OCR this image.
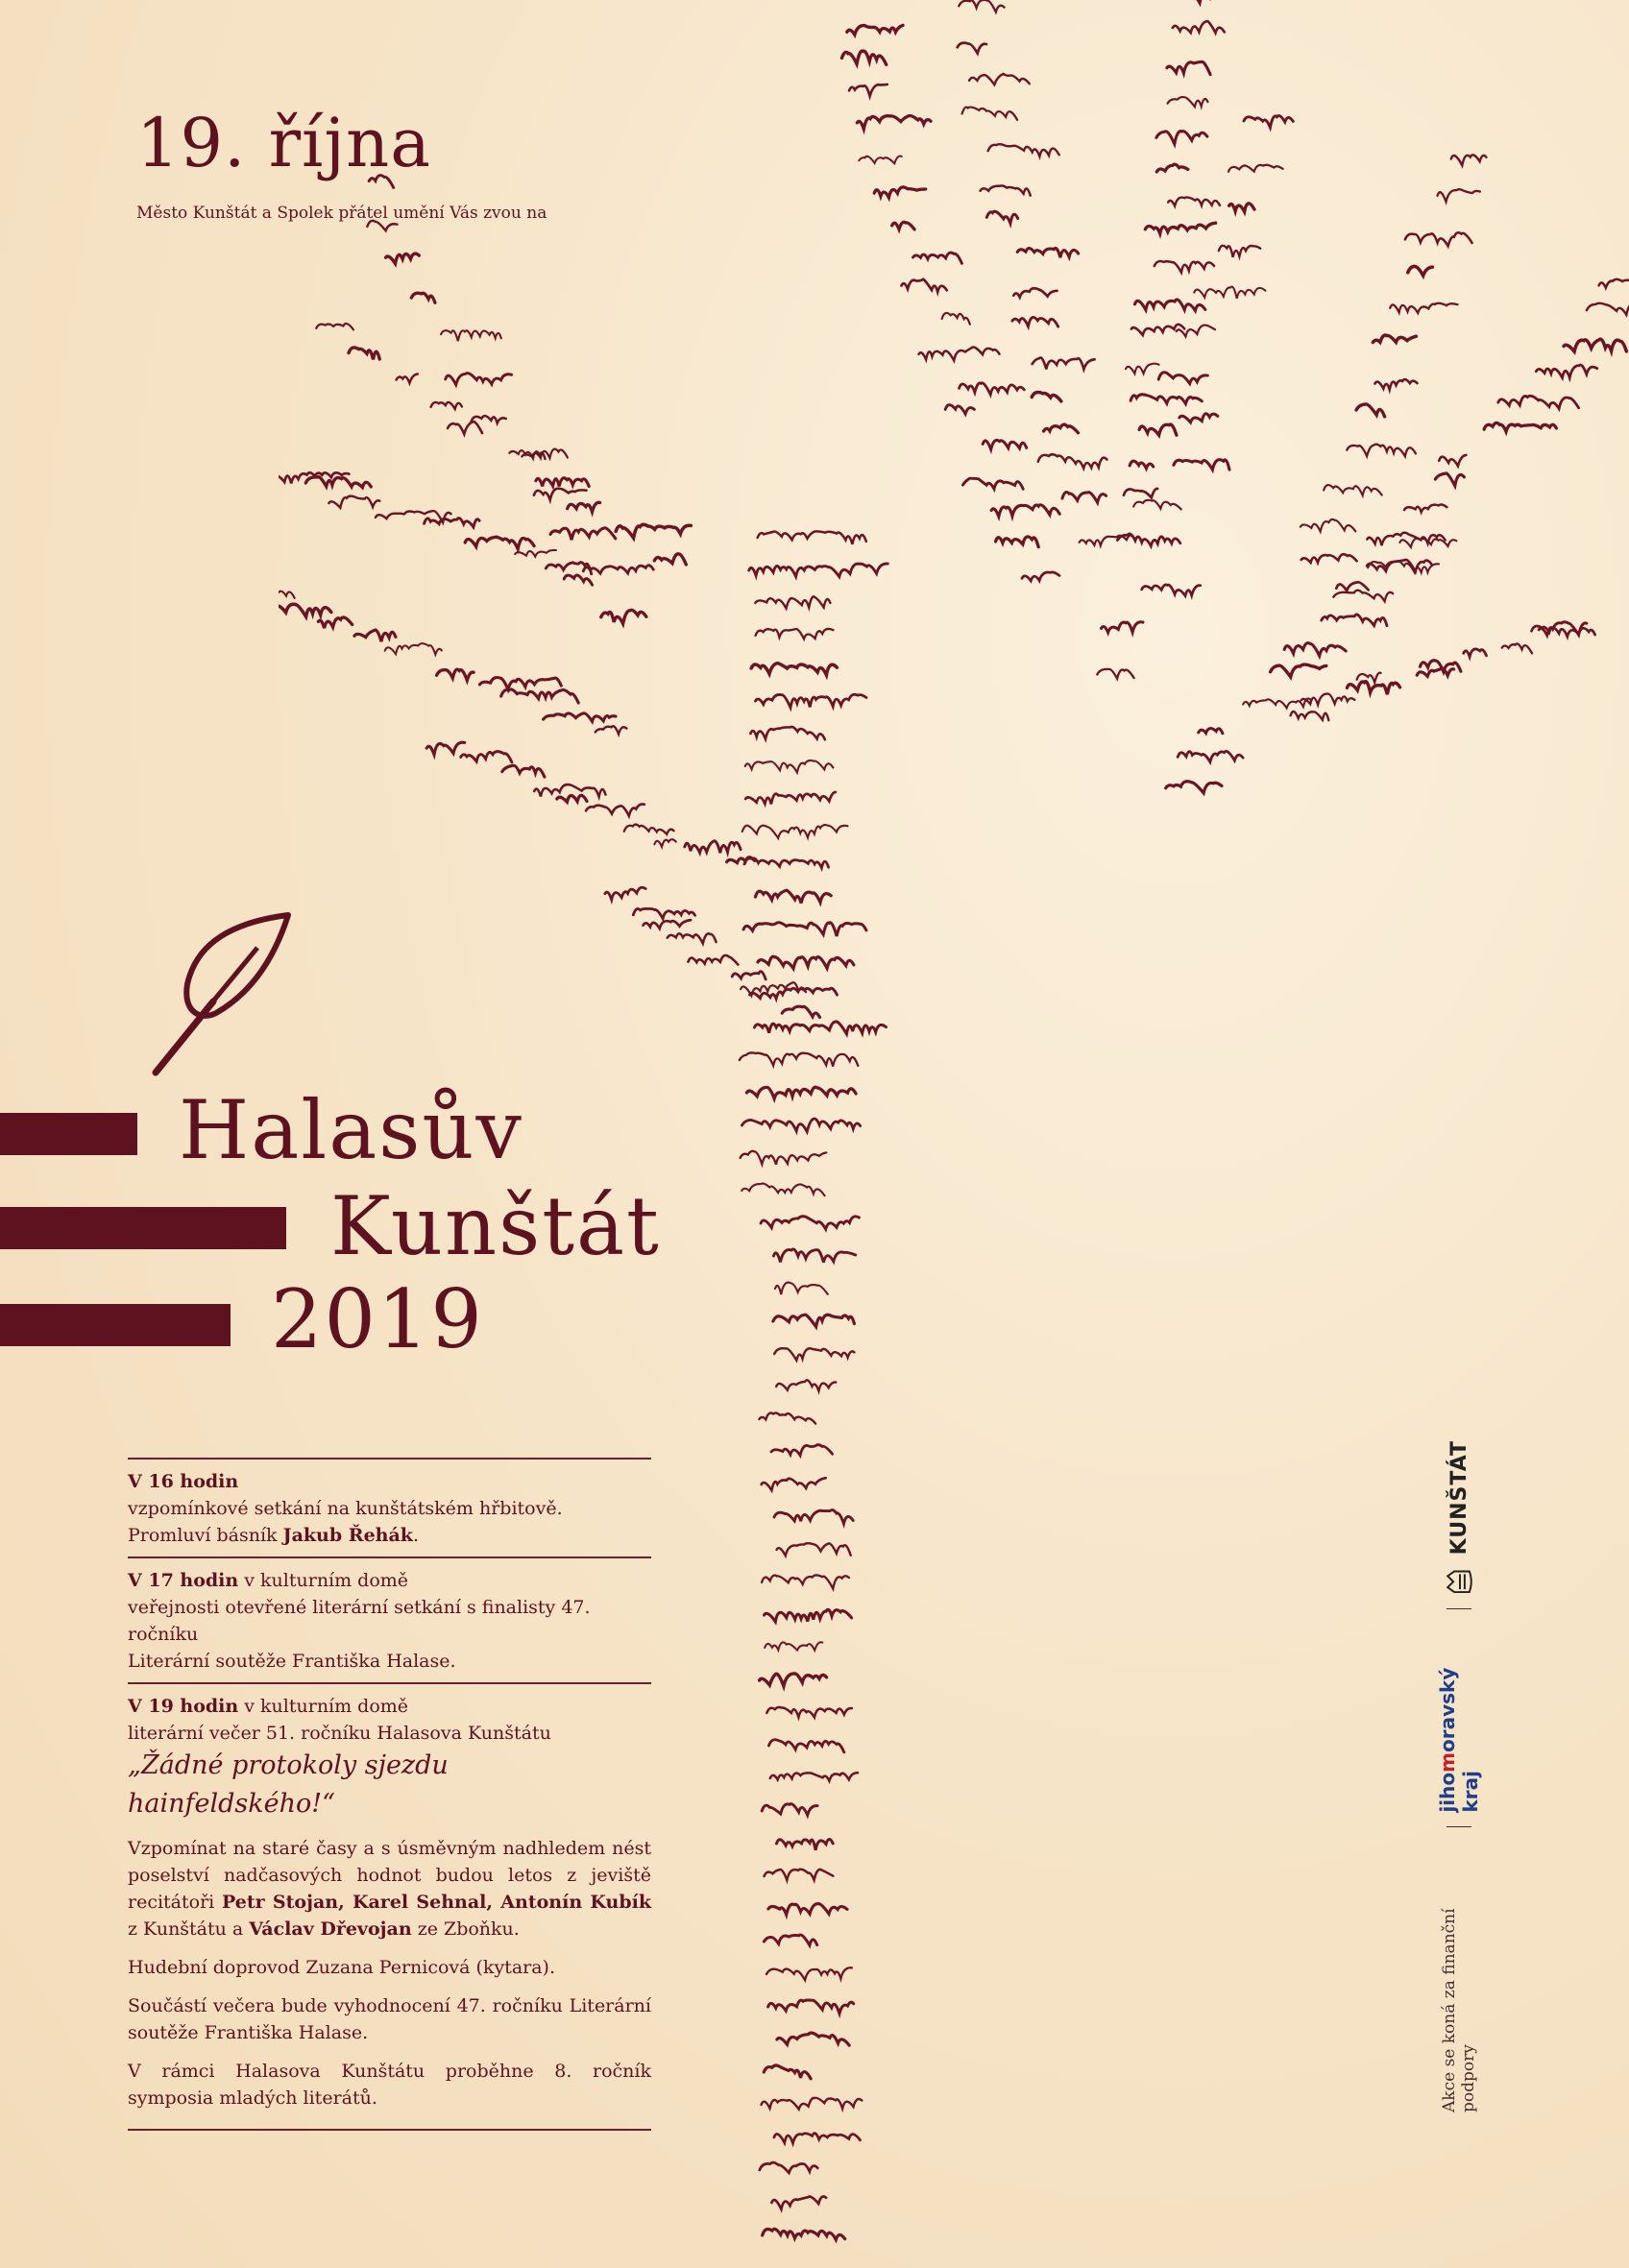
19. října
Město Kunštát a Spolek přátel umění Vás zvou na
Halasův
Kunštát
2019

V 16 hodin

vzpomínkové setkání na kunštátském hřbitově.

Promluví básník Jakub Řehák.

V 17 hodin v kulturním domě

veřejnosti otevřené literární setkání s finalisty 47. ročníku

Literární soutěže Františka Halase.

V 19 hodin v kulturním domě

literární večer 51. ročníku Halasova Kunštátu

„Žádné protokoly sjezdu hainfeldského!“

Vzpomínat na staré časy a s úsměvným nadhledem nést poselství nadčasových hodnot budou letos z jeviště recitátoři Petr Stojan, Karel Sehnal, Antonín Kubík z Kunštátu a Václav Dřevojan ze Zboňku.

Hudební doprovod Zuzana Pernicová (kytara).

Součástí večera bude vyhodnocení 47. ročníku Literární soutěže Františka Halase.

V rámci Halasova Kunštátu proběhne 8. ročník symposia mladých literátů.	Akce se koná za finanční podpory
jihomoravský kraj
KUNŠTÁT
